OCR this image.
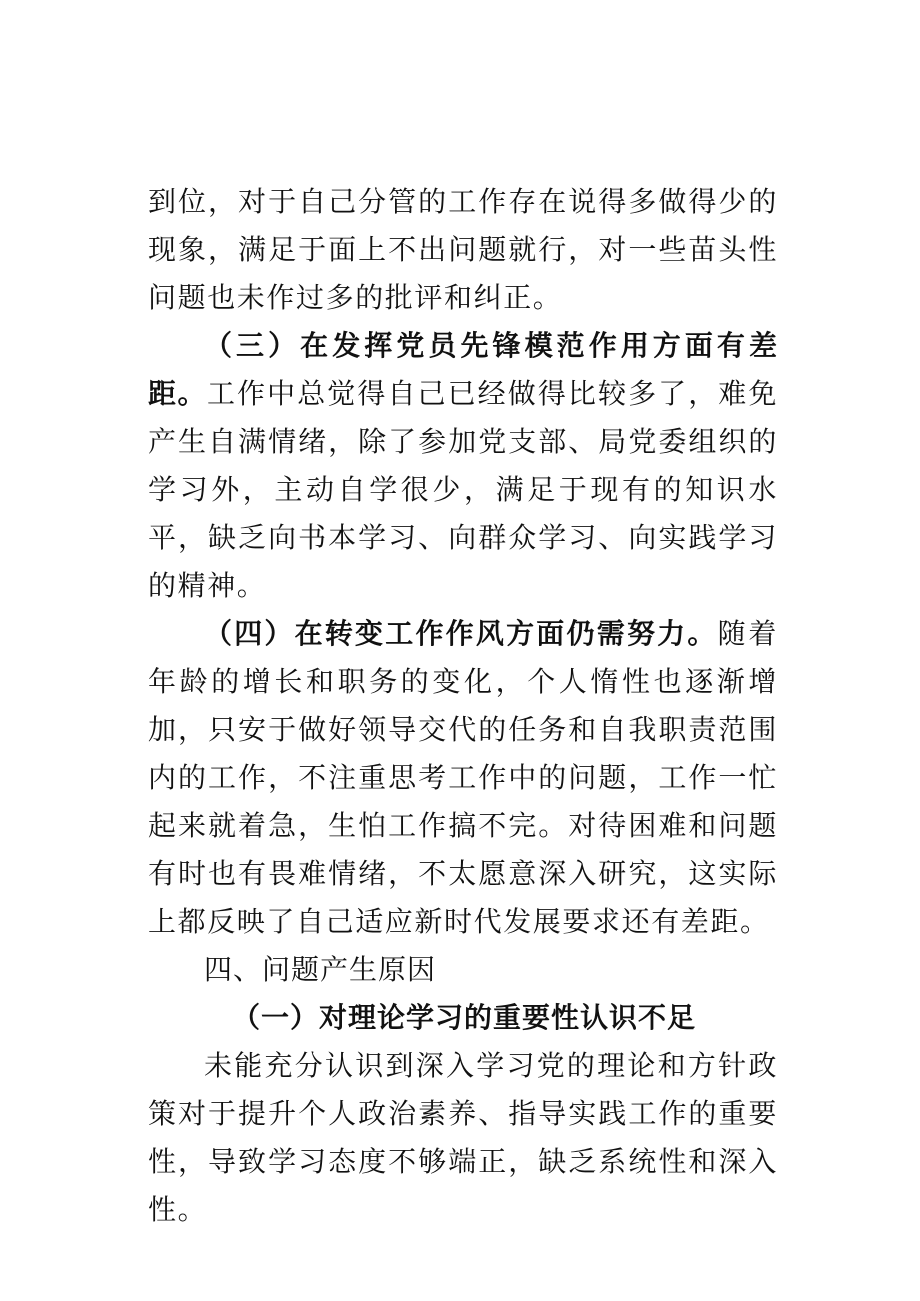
到位，对于自己分管的工作存在说得多做得少的现象，满足于面上不出问题就行，对一些苗头性问题也未作过多的批评和纠正。

（三）在发挥党员先锋模范作用方面有差距。工作中总觉得自己已经做得比较多了，难免产生自满情绪，除了参加党支部、局党委组织的学习外，主动自学很少，满足于现有的知识水平，缺乏向书本学习、向群众学习、向实践学习的精神。

（四）在转变工作作风方面仍需努力。随着年龄的增长和职务的变化，个人惰性也逐渐增加，只安于做好领导交代的任务和自我职责范围内的工作，不注重思考工作中的问题，工作一忙起来就着急，生怕工作搞不完。对待困难和问题有时也有畏难情绪，不太愿意深入研究，这实际上都反映了自己适应新时代发展要求还有差距。

四、问题产生原因

（一）对理论学习的重要性认识不足

未能充分认识到深入学习党的理论和方针政策对于提升个人政治素养、指导实践工作的重要性，导致学习态度不够端正，缺乏系统性和深入性。
